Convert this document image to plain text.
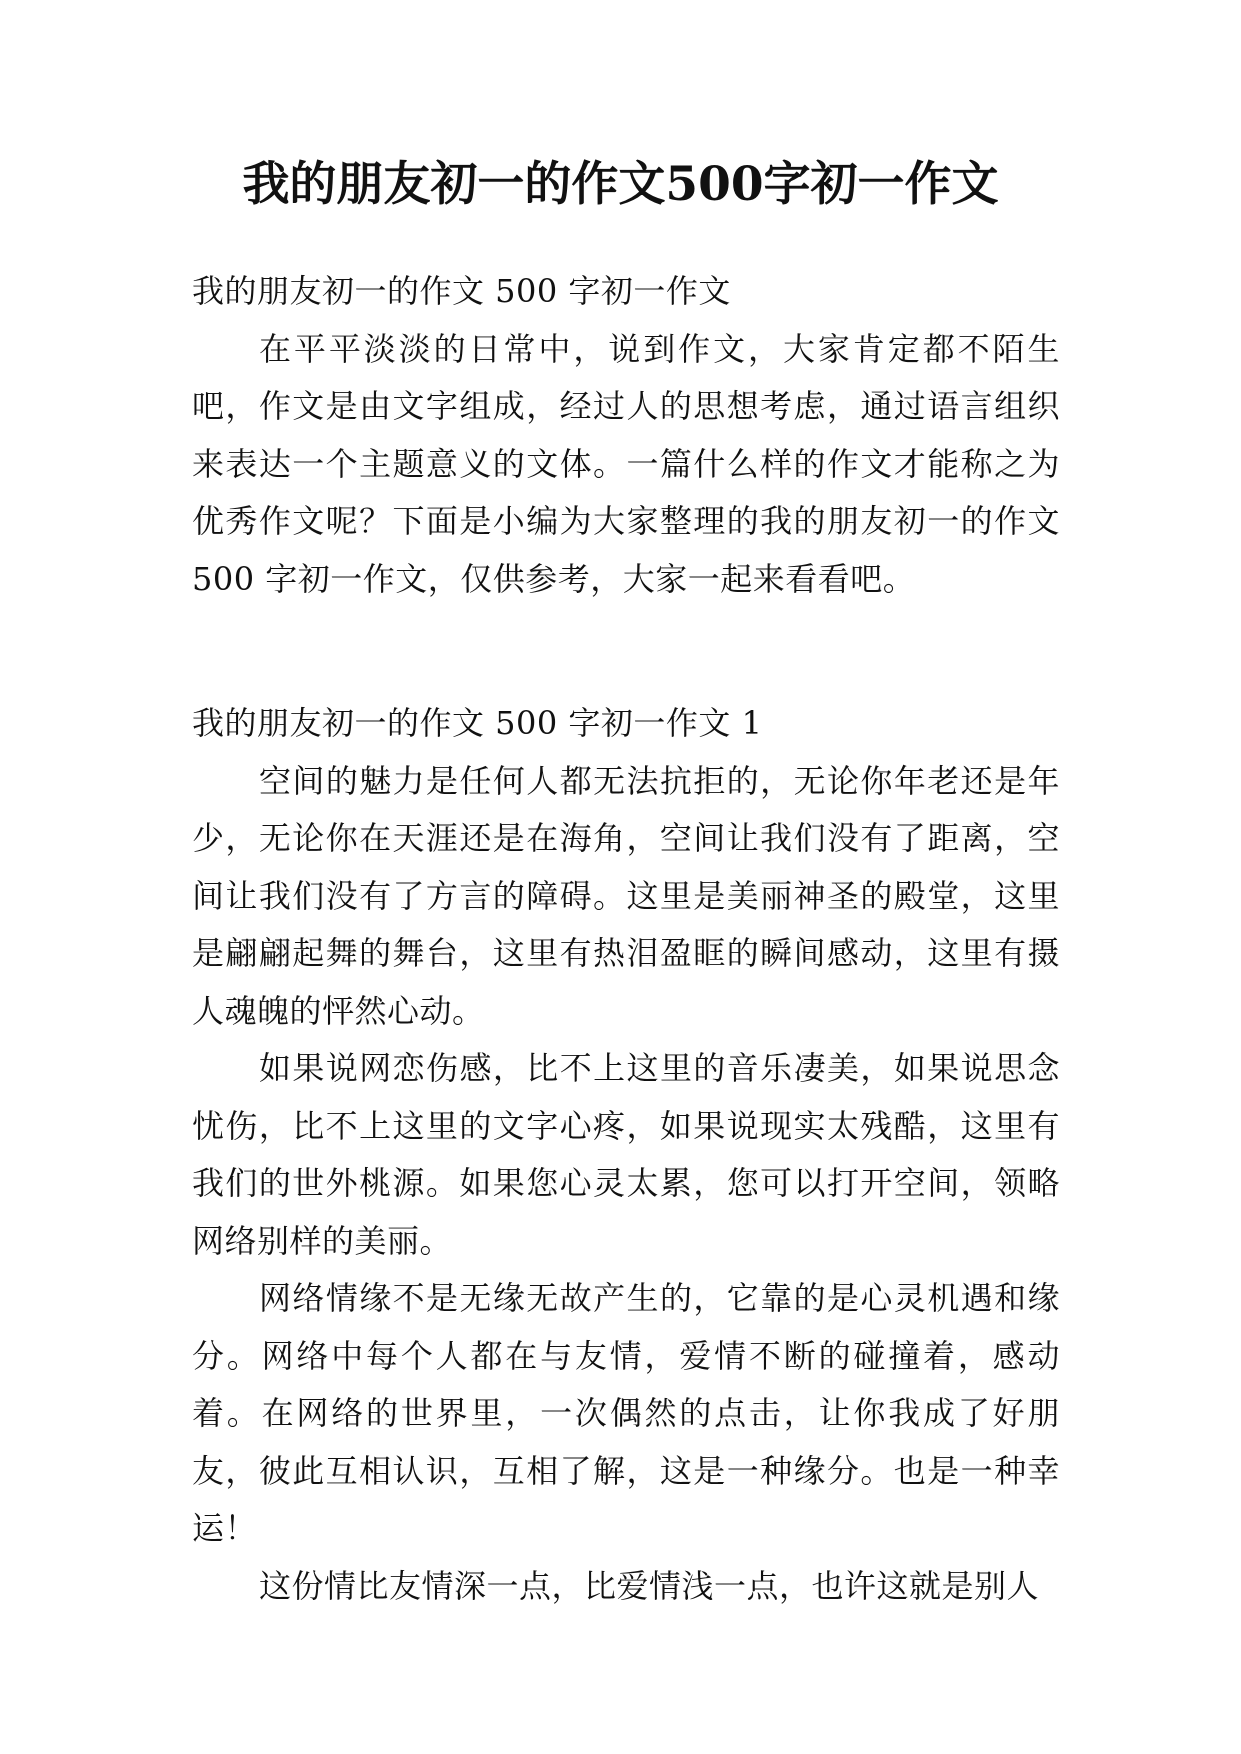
我的朋友初一的作文500字初一作文

我的朋友初一的作文 500 字初一作文

在平平淡淡的日常中，说到作文，大家肯定都不陌生吧，作文是由文字组成，经过人的思想考虑，通过语言组织来表达一个主题意义的文体。一篇什么样的作文才能称之为优秀作文呢？下面是小编为大家整理的我的朋友初一的作文 500 字初一作文，仅供参考，大家一起来看看吧。

我的朋友初一的作文 500 字初一作文 1

空间的魅力是任何人都无法抗拒的，无论你年老还是年少，无论你在天涯还是在海角，空间让我们没有了距离，空间让我们没有了方言的障碍。这里是美丽神圣的殿堂，这里是翩翩起舞的舞台，这里有热泪盈眶的瞬间感动，这里有摄人魂魄的怦然心动。

如果说网恋伤感，比不上这里的音乐凄美，如果说思念忧伤，比不上这里的文字心疼，如果说现实太残酷，这里有我们的世外桃源。如果您心灵太累，您可以打开空间，领略网络别样的美丽。

网络情缘不是无缘无故产生的，它靠的是心灵机遇和缘分。网络中每个人都在与友情，爱情不断的碰撞着，感动着。在网络的世界里，一次偶然的点击，让你我成了好朋友，彼此互相认识，互相了解，这是一种缘分。也是一种幸运！

这份情比友情深一点，比爱情浅一点，也许这就是别人
